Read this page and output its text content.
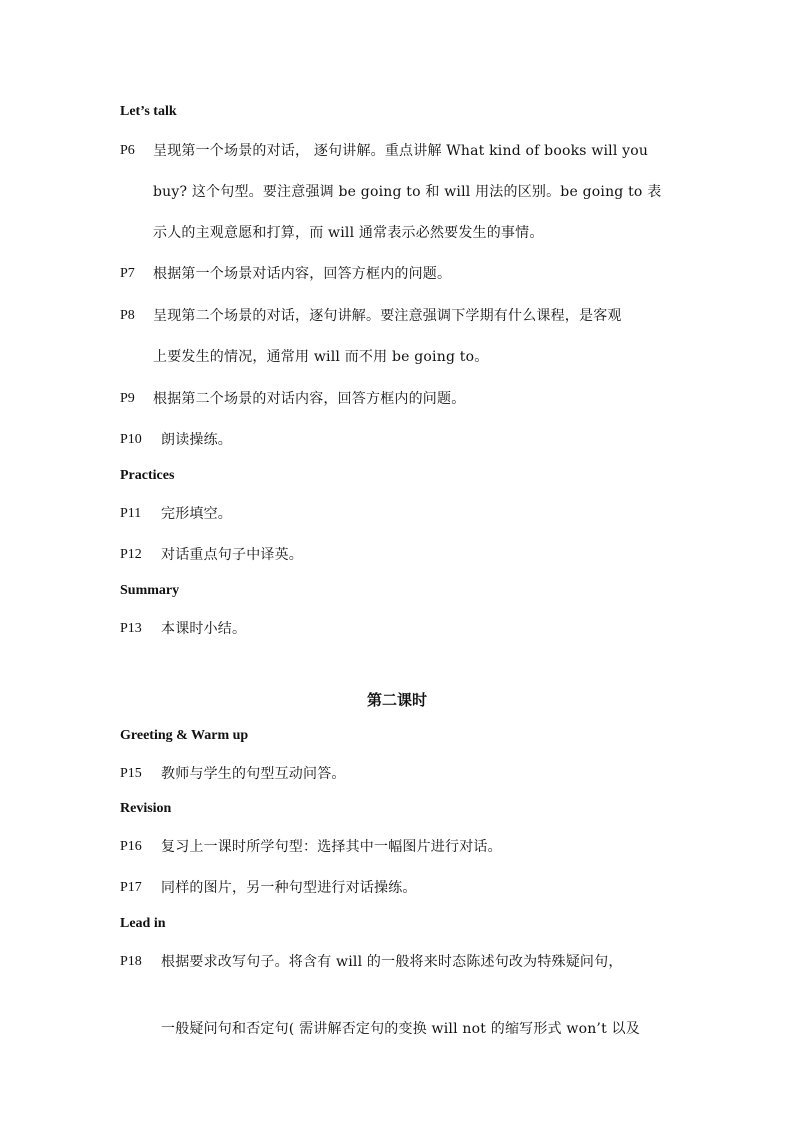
Let’s talk
P6 呈现第一个场景的对话， 逐句讲解。重点讲解 What kind of books will you
buy? 这个句型。要注意强调 be going to 和 will 用法的区别。be going to 表
示人的主观意愿和打算，而 will 通常表示必然要发生的事情。
P7 根据第一个场景对话内容，回答方框内的问题。
P8 呈现第二个场景的对话，逐句讲解。要注意强调下学期有什么课程，是客观
上要发生的情况，通常用 will 而不用 be going to。
P9 根据第二个场景的对话内容，回答方框内的问题。
P10 朗读操练。
Practices
P11 完形填空。
P12 对话重点句子中译英。
Summary
P13 本课时小结。
第二课时
Greeting & Warm up
P15 教师与学生的句型互动问答。
Revision
P16 复习上一课时所学句型：选择其中一幅图片进行对话。
P17 同样的图片，另一种句型进行对话操练。
Lead in
P18 根据要求改写句子。将含有 will 的一般将来时态陈述句改为特殊疑问句，
一般疑问句和否定句( 需讲解否定句的变换 will not 的缩写形式 won’t 以及
